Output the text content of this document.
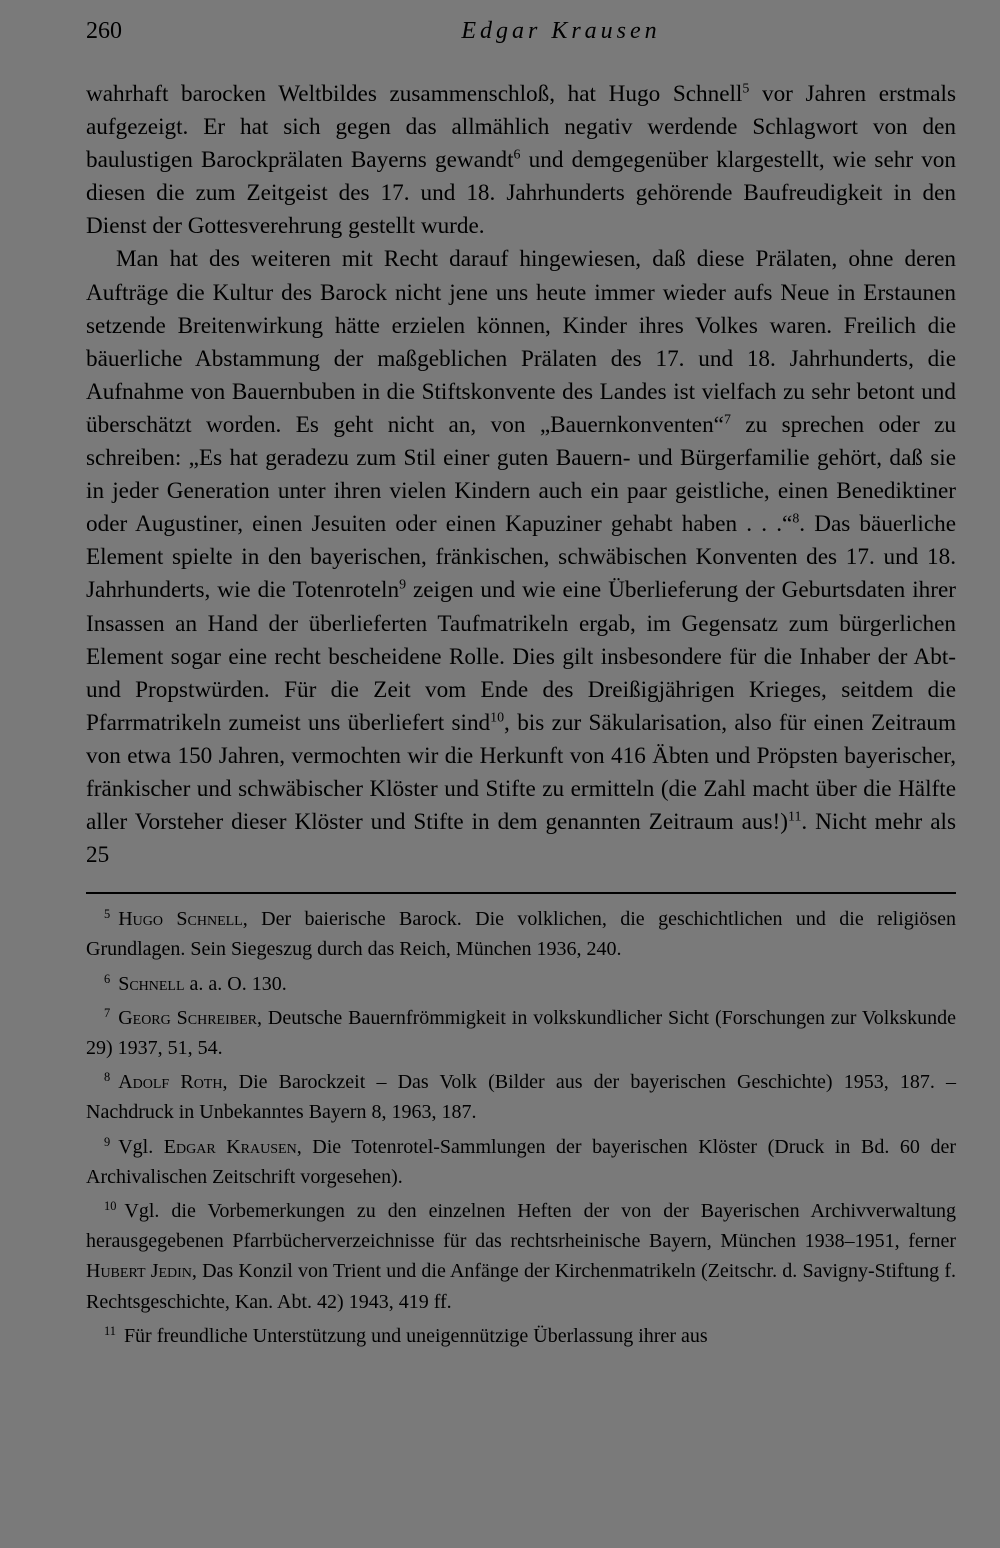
260	Edgar Krausen

wahrhaft barocken Weltbildes zusammenschloß, hat Hugo Schnell$^5$ vor Jahren erstmals aufgezeigt. Er hat sich gegen das allmählich negativ werdende Schlagwort von den baulustigen Barockprälaten Bayerns gewandt$^6$ und demgegenüber klargestellt, wie sehr von diesen die zum Zeitgeist des 17. und 18. Jahrhunderts gehörende Baufreudigkeit in den Dienst der Gottesverehrung gestellt wurde.

Man hat des weiteren mit Recht darauf hingewiesen, daß diese Prälaten, ohne deren Aufträge die Kultur des Barock nicht jene uns heute immer wieder aufs Neue in Erstaunen setzende Breitenwirkung hätte erzielen können, Kinder ihres Volkes waren. Freilich die bäuerliche Abstammung der maßgeblichen Prälaten des 17. und 18. Jahrhunderts, die Aufnahme von Bauernbuben in die Stiftskonvente des Landes ist vielfach zu sehr betont und überschätzt worden. Es geht nicht an, von „Bauernkonventen“$^7$ zu sprechen oder zu schreiben: „Es hat geradezu zum Stil einer guten Bauern- und Bürgerfamilie gehört, daß sie in jeder Generation unter ihren vielen Kindern auch ein paar geistliche, einen Benediktiner oder Augustiner, einen Jesuiten oder einen Kapuziner gehabt haben . . .“$^8$. Das bäuerliche Element spielte in den bayerischen, fränkischen, schwäbischen Konventen des 17. und 18. Jahrhunderts, wie die Totenroteln$^9$ zeigen und wie eine Überlieferung der Geburtsdaten ihrer Insassen an Hand der überlieferten Taufmatrikeln ergab, im Gegensatz zum bürgerlichen Element sogar eine recht bescheidene Rolle. Dies gilt insbesondere für die Inhaber der Abt- und Propstwürden. Für die Zeit vom Ende des Dreißigjährigen Krieges, seitdem die Pfarrmatrikeln zumeist uns überliefert sind$^{10}$, bis zur Säkularisation, also für einen Zeitraum von etwa 150 Jahren, vermochten wir die Herkunft von 416 Äbten und Pröpsten bayerischer, fränkischer und schwäbischer Klöster und Stifte zu ermitteln (die Zahl macht über die Hälfte aller Vorsteher dieser Klöster und Stifte in dem genannten Zeitraum aus!)$^{11}$. Nicht mehr als 25

$^5$ Hugo Schnell, Der baierische Barock. Die volklichen, die geschichtlichen und die religiösen Grundlagen. Sein Siegeszug durch das Reich, München 1936, 240.

$^6$ Schnell a. a. O. 130.

$^7$ Georg Schreiber, Deutsche Bauernfrömmigkeit in volkskundlicher Sicht (Forschungen zur Volkskunde 29) 1937, 51, 54.

$^8$ Adolf Roth, Die Barockzeit – Das Volk (Bilder aus der bayerischen Geschichte) 1953, 187. – Nachdruck in Unbekanntes Bayern 8, 1963, 187.

$^9$ Vgl. Edgar Krausen, Die Totenrotel-Sammlungen der bayerischen Klöster (Druck in Bd. 60 der Archivalischen Zeitschrift vorgesehen).

$^{10}$ Vgl. die Vorbemerkungen zu den einzelnen Heften der von der Bayerischen Archivverwaltung herausgegebenen Pfarrbücherverzeichnisse für das rechtsrheinische Bayern, München 1938–1951, ferner Hubert Jedin, Das Konzil von Trient und die Anfänge der Kirchenmatrikeln (Zeitschr. d. Savigny-Stiftung f. Rechtsgeschichte, Kan. Abt. 42) 1943, 419 ff.

$^{11}$ Für freundliche Unterstützung und uneigennützige Überlassung ihrer aus
